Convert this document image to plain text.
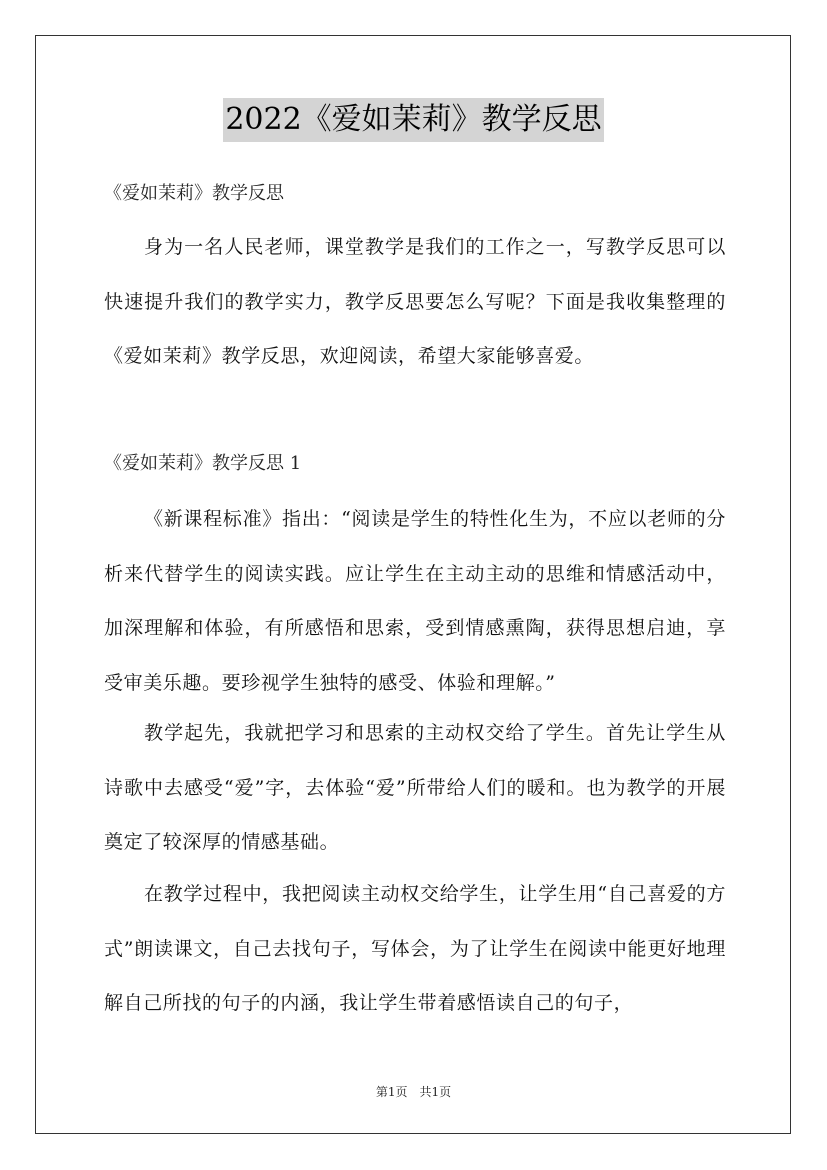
2022《爱如茉莉》教学反思
《爱如茉莉》教学反思

身为一名人民老师，课堂教学是我们的工作之一，写教学反思可以快速提升我们的教学实力，教学反思要怎么写呢？下面是我收集整理的《爱如茉莉》教学反思，欢迎阅读，希望大家能够喜爱。

《爱如茉莉》教学反思 1

《新课程标准》指出：“阅读是学生的特性化生为，不应以老师的分析来代替学生的阅读实践。应让学生在主动主动的思维和情感活动中，加深理解和体验，有所感悟和思索，受到情感熏陶，获得思想启迪，享受审美乐趣。要珍视学生独特的感受、体验和理解。”

教学起先，我就把学习和思索的主动权交给了学生。首先让学生从诗歌中去感受“爱”字，去体验“爱”所带给人们的暖和。也为教学的开展奠定了较深厚的情感基础。

在教学过程中，我把阅读主动权交给学生，让学生用“自己喜爱的方式”朗读课文，自己去找句子，写体会，为了让学生在阅读中能更好地理解自己所找的句子的内涵，我让学生带着感悟读自己的句子，

第1页　共1页
